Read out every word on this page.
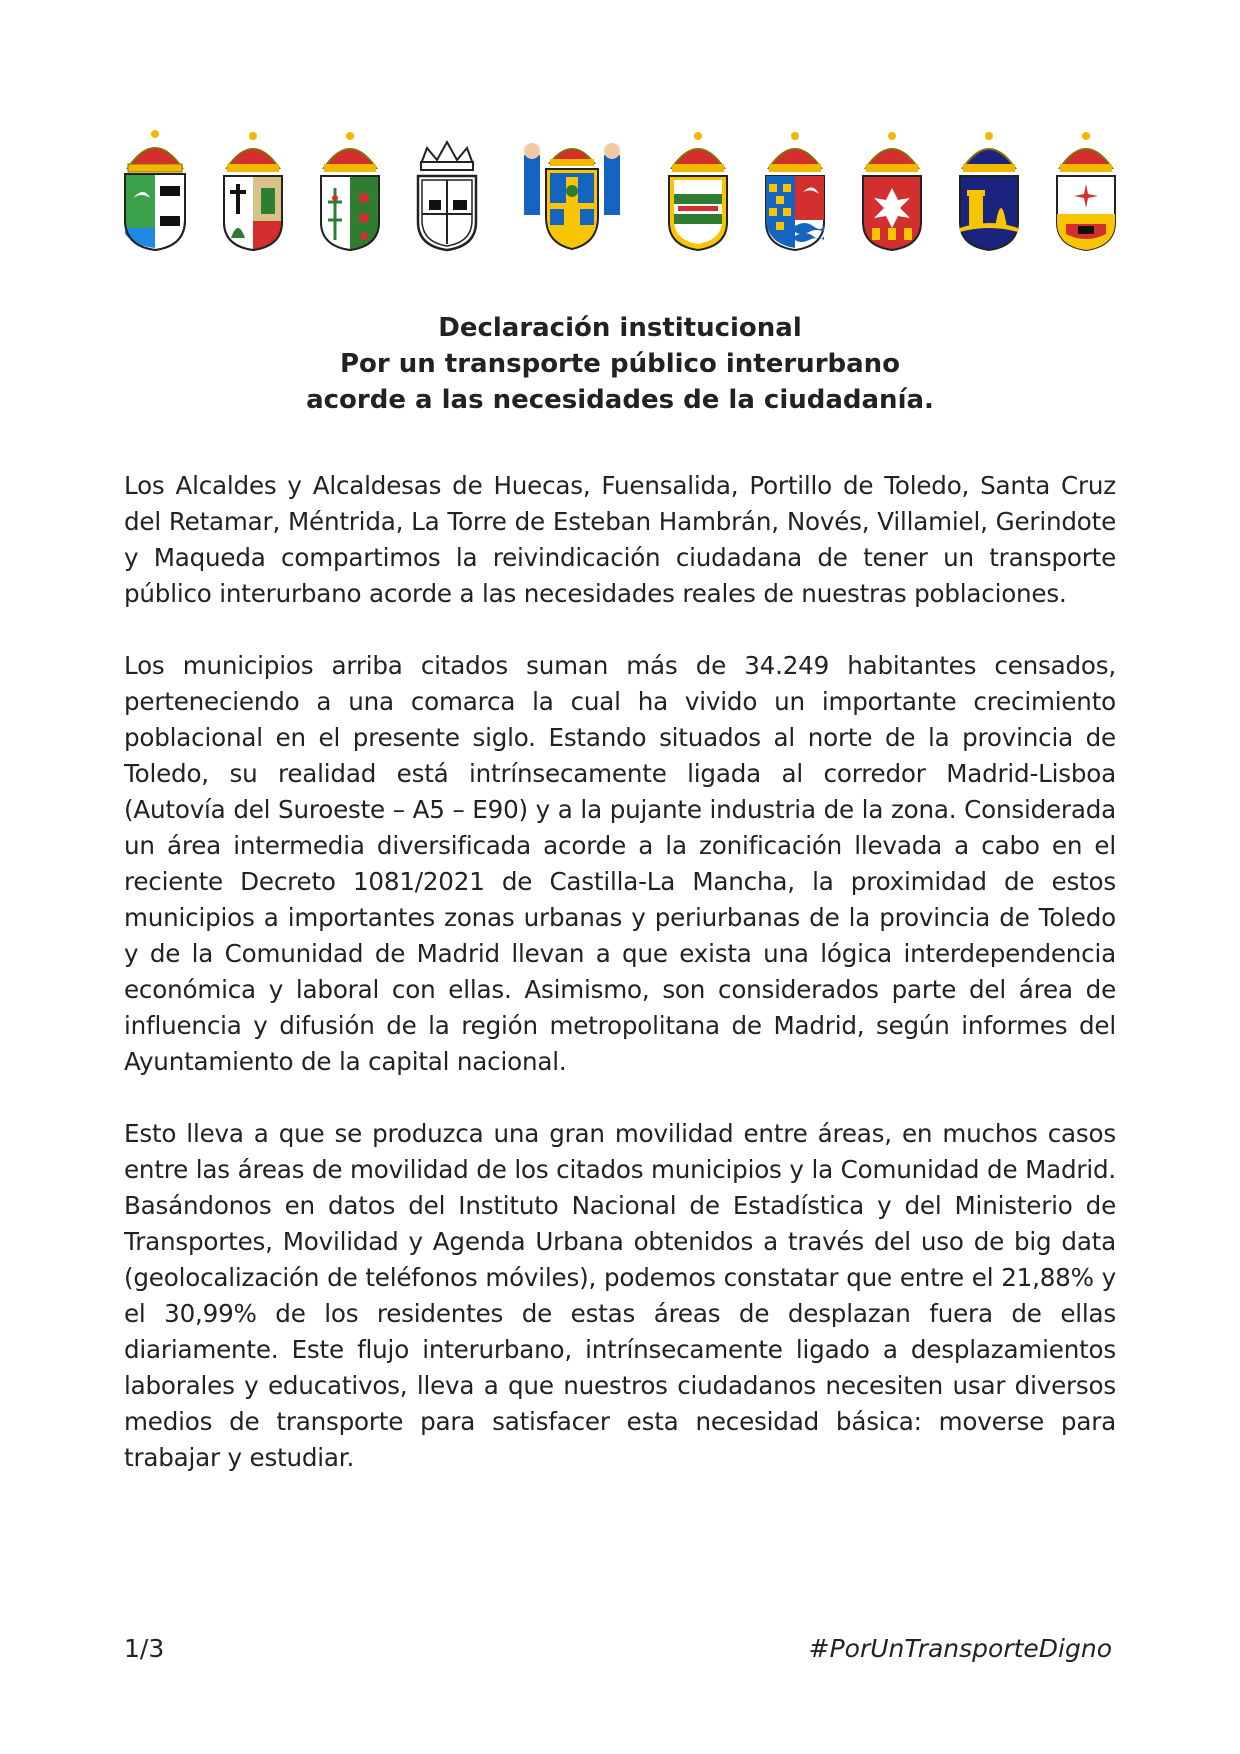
Declaración institucional
Por un transporte público interurbano
acorde a las necesidades de la ciudadanía.

Los Alcaldes y Alcaldesas de Huecas, Fuensalida, Portillo de Toledo, Santa Cruz del Retamar, Méntrida, La Torre de Esteban Hambrán, Novés, Villamiel, Gerindote y Maqueda compartimos la reivindicación ciudadana de tener un transporte público interurbano acorde a las necesidades reales de nuestras poblaciones.

Los municipios arriba citados suman más de 34.249 habitantes censados, perteneciendo a una comarca la cual ha vivido un importante crecimiento poblacional en el presente siglo. Estando situados al norte de la provincia de Toledo, su realidad está intrínsecamente ligada al corredor Madrid-Lisboa (Autovía del Suroeste – A5 – E90) y a la pujante industria de la zona. Considerada un área intermedia diversificada acorde a la zonificación llevada a cabo en el reciente Decreto 1081/2021 de Castilla-La Mancha, la proximidad de estos municipios a importantes zonas urbanas y periurbanas de la provincia de Toledo y de la Comunidad de Madrid llevan a que exista una lógica interdependencia económica y laboral con ellas. Asimismo, son considerados parte del área de influencia y difusión de la región metropolitana de Madrid, según informes del Ayuntamiento de la capital nacional.

Esto lleva a que se produzca una gran movilidad entre áreas, en muchos casos entre las áreas de movilidad de los citados municipios y la Comunidad de Madrid. Basándonos en datos del Instituto Nacional de Estadística y del Ministerio de Transportes, Movilidad y Agenda Urbana obtenidos a través del uso de big data (geolocalización de teléfonos móviles), podemos constatar que entre el 21,88% y el 30,99% de los residentes de estas áreas de desplazan fuera de ellas diariamente. Este flujo interurbano, intrínsecamente ligado a desplazamientos laborales y educativos, lleva a que nuestros ciudadanos necesiten usar diversos medios de transporte para satisfacer esta necesidad básica: moverse para trabajar y estudiar.

1/3	#PorUnTransporteDigno
